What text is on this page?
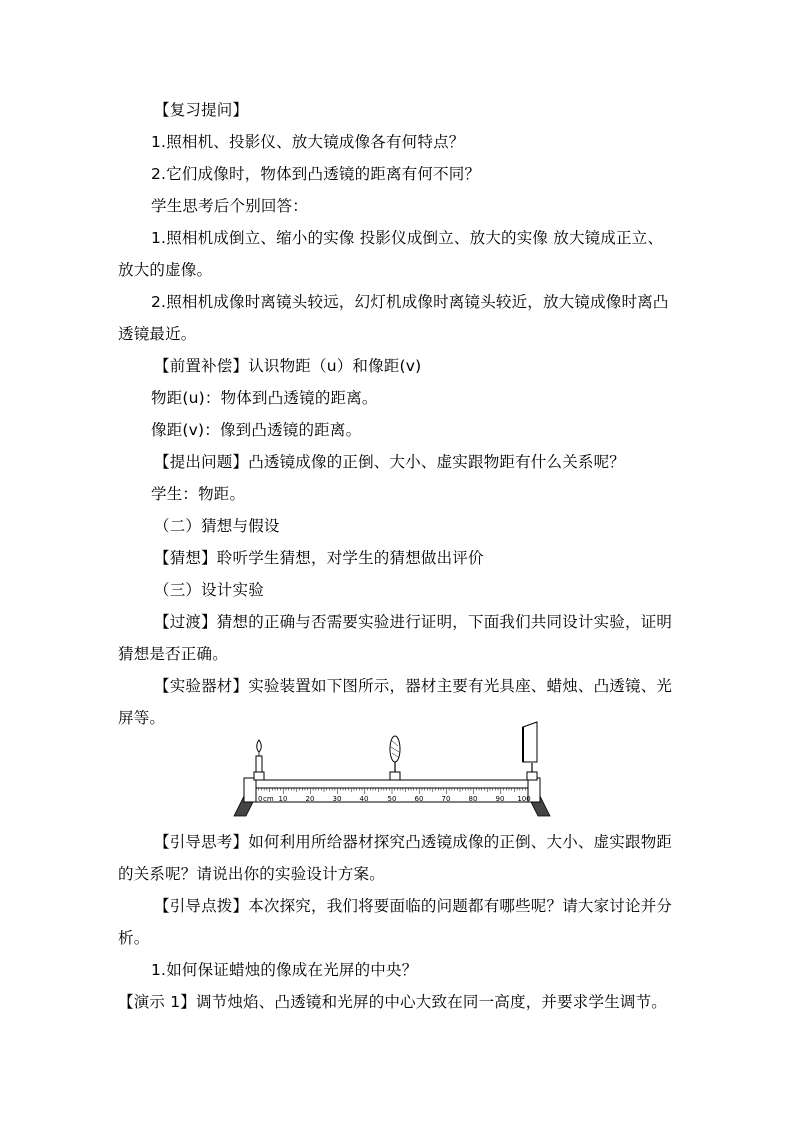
【复习提问】
1.照相机、投影仪、放大镜成像各有何特点？
2.它们成像时，物体到凸透镜的距离有何不同？
学生思考后个别回答：
1.照相机成倒立、缩小的实像 投影仪成倒立、放大的实像 放大镜成正立、
放大的虚像。
2.照相机成像时离镜头较远，幻灯机成像时离镜头较近，放大镜成像时离凸
透镜最近。
【前置补偿】认识物距（u）和像距(v)
物距(u)：物体到凸透镜的距离。
像距(v)：像到凸透镜的距离。
【提出问题】凸透镜成像的正倒、大小、虚实跟物距有什么关系呢？
学生：物距。
（二）猜想与假设
【猜想】聆听学生猜想，对学生的猜想做出评价
（三）设计实验
【过渡】猜想的正确与否需要实验进行证明，下面我们共同设计实验，证明
猜想是否正确。
【实验器材】实验装置如下图所示，器材主要有光具座、蜡烛、凸透镜、光
屏等。
0 cm 10	20	30	40	50	60	70	80	90 100
【引导思考】如何利用所给器材探究凸透镜成像的正倒、大小、虚实跟物距
的关系呢？请说出你的实验设计方案。
【引导点拨】本次探究，我们将要面临的问题都有哪些呢？请大家讨论并分
析。
1.如何保证蜡烛的像成在光屏的中央？
【演示 1】调节烛焰、凸透镜和光屏的中心大致在同一高度，并要求学生调节。
